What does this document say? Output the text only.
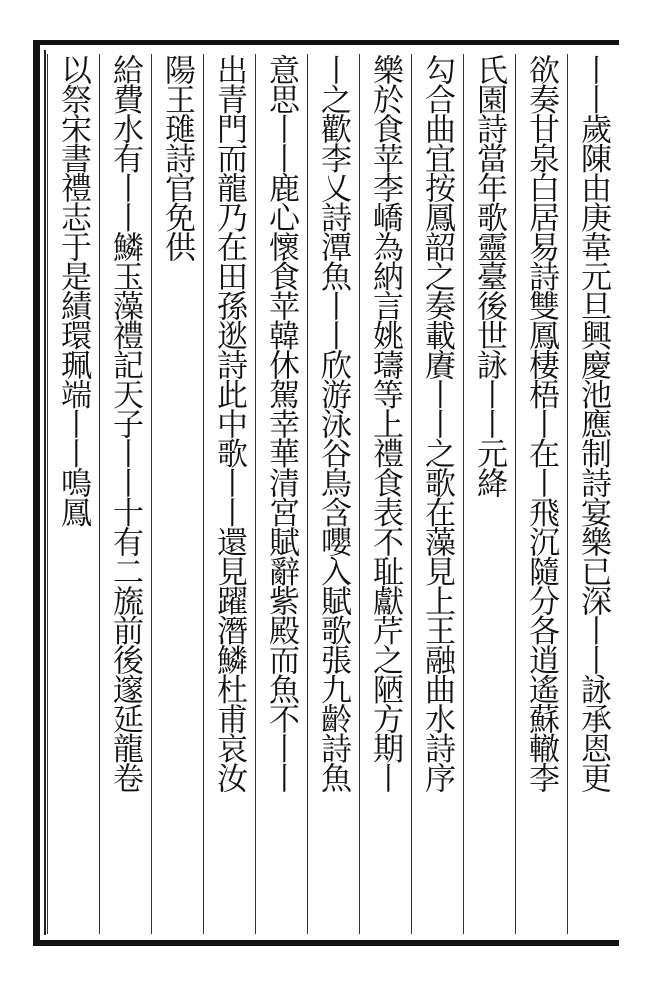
丨丨歲陳由庚韋元旦興慶池應制詩宴樂已深丨丨詠承恩更
欲奏甘泉白居易詩雙鳳棲梧丨在丨飛沉隨分各逍遙蘇轍李
氏園詩當年歌靈臺後世詠丨丨元絳
勾合曲宜按鳳韶之奏載賡丨丨之歌在藻見上王融曲水詩序
樂於食苹李嶠為納言姚璹等上禮食表不耻獻芹之陋方期丨
丨之歡李乂詩潭魚丨丨欣游泳谷鳥含嚶入賦歌張九齡詩魚
意思丨丨鹿心懷食苹韓休駕幸華清宮賦辭紫殿而魚不丨丨
出青門而龍乃在田孫逖詩此中歌丨丨還見躍潛鱗杜甫哀汝
陽王璡詩官免供
給費水有丨丨鱗玉藻禮記天子丨丨十有二旒前後邃延龍卷
以祭宋書禮志于是績環珮端丨丨鳴鳳
